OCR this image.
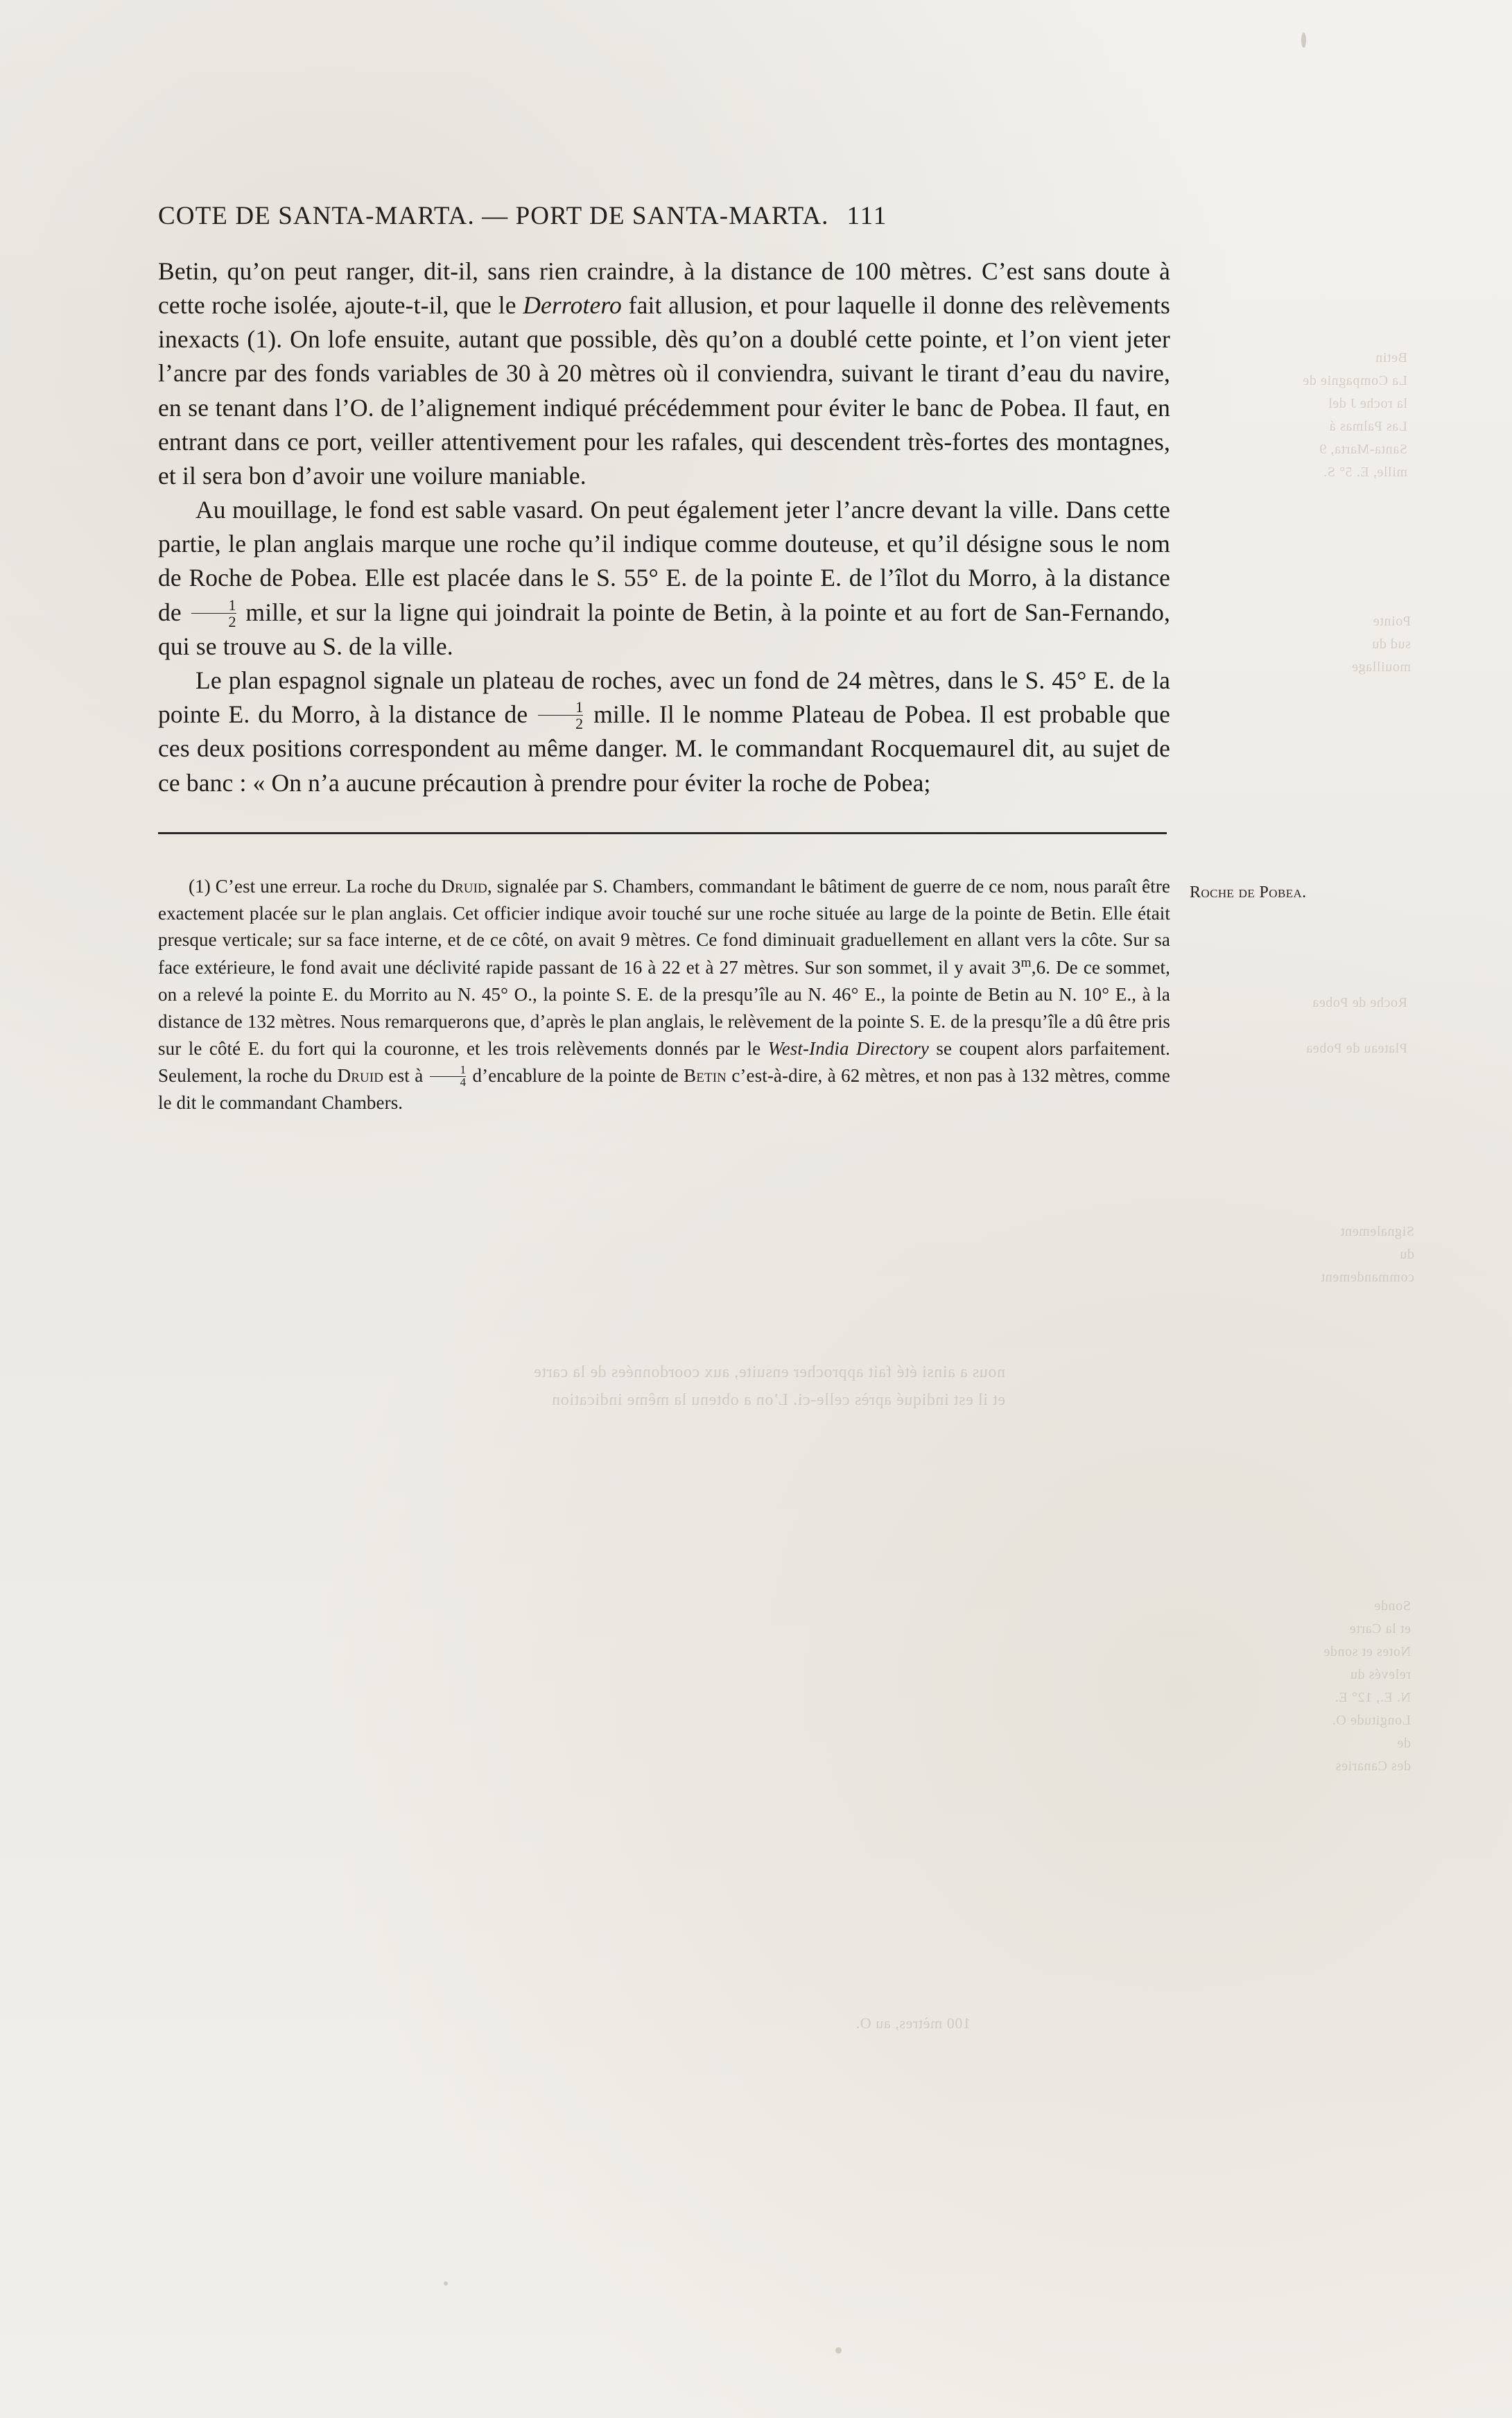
Betin
La Compagnie de
la roche J del
Las Palmas á
Santa-Marta, 9
mille, E. 5° S.
Pointe
sud du
mouillage
Roche de Pobea

Plateau de Pobea
Signalement
du
commandement
Sonde
et la Carte
Notes et sonde
relevés du
N. E., 12° E.
Longitude O.
de
des Canaries
nous a ainsi été fait approcher ensuite, aux coordonnées de la carte
et il est indiqué après celle-ci. L’on a obtenu la même indication
100 mètres, au O.
COTE DE SANTA-MARTA. — PORT DE SANTA-MARTA. 111

Betin, qu’on peut ranger, dit-il, sans rien craindre, à la distance de 100 mètres. C’est sans doute à cette roche isolée, ajoute-t-il, que le Derrotero fait allusion, et pour laquelle il donne des relèvements inexacts (1). On lofe ensuite, autant que possible, dès qu’on a doublé cette pointe, et l’on vient jeter l’ancre par des fonds variables de 30 à 20 mètres où il conviendra, suivant le tirant d’eau du navire, en se tenant dans l’O. de l’alignement indiqué précédemment pour éviter le banc de Pobea. Il faut, en entrant dans ce port, veiller attentivement pour les rafales, qui descendent très-fortes des montagnes, et il sera bon d’avoir une voilure maniable.

Au mouillage, le fond est sable vasard. On peut également jeter l’ancre devant la ville. Dans cette partie, le plan anglais marque une roche qu’il indique comme douteuse, et qu’il désigne sous le nom de Roche de Pobea. Elle est placée dans le S. 55° E. de la pointe E. de l’îlot du Morro, à la distance de $\frac{1}{2}$ mille, et sur la ligne qui joindrait la pointe de Betin, à la pointe et au fort de San-Fernando, qui se trouve au S. de la ville.

Le plan espagnol signale un plateau de roches, avec un fond de 24 mètres, dans le S. 45° E. de la pointe E. du Morro, à la distance de $\frac{1}{2}$ mille. Il le nomme Plateau de Pobea. Il est probable que ces deux positions correspondent au même danger. M. le commandant Rocquemaurel dit, au sujet de ce banc : « On n’a aucune précaution à prendre pour éviter la roche de Pobea;

(1) C’est une erreur. La roche du Druid, signalée par S. Chambers, commandant le bâtiment de guerre de ce nom, nous paraît être exactement placée sur le plan anglais. Cet officier indique avoir touché sur une roche située au large de la pointe de Betin. Elle était presque verticale; sur sa face interne, et de ce côté, on avait 9 mètres. Ce fond diminuait graduellement en allant vers la côte. Sur sa face extérieure, le fond avait une déclivité rapide passant de 16 à 22 et à 27 mètres. Sur son sommet, il y avait 3$^m$,6. De ce sommet, on a relevé la pointe E. du Morrito au N. 45° O., la pointe S. E. de la presqu’île au N. 46° E., la pointe de Betin au N. 10° E., à la distance de 132 mètres. Nous remarquerons que, d’après le plan anglais, le relèvement de la pointe S. E. de la presqu’île a dû être pris sur le côté E. du fort qui la couronne, et les trois relèvements donnés par le West-India Directory se coupent alors parfaitement. Seulement, la roche du Druid est à $\frac{1}{4}$ d’encablure de la pointe de Betin c’est-à-dire, à 62 mètres, et non pas à 132 mètres, comme le dit le commandant Chambers.
Roche de Pobea.
